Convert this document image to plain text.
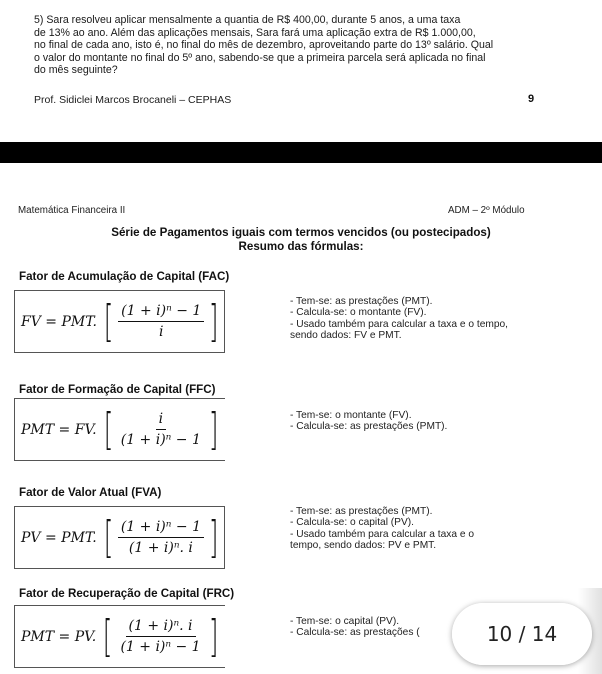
5) Sara resolveu aplicar mensalmente a quantia de R$ 400,00, durante 5 anos, a uma taxa
de 13% ao ano. Além das aplicações mensais, Sara fará uma aplicação extra de R$ 1.000,00,
no final de cada ano, isto é, no final do mês de dezembro, aproveitando parte do 13º salário. Qual
o valor do montante no final do 5º ano, sabendo-se que a primeira parcela será aplicada no final
do mês seguinte?
Prof. Sidiclei Marcos Brocaneli – CEPHAS	9
Matemática Financeira II	ADM – 2º Módulo
Série de Pagamentos iguais com termos vencidos (ou postecipados)
Resumo das fórmulas:
Fator de Acumulação de Capital (FAC)
FV = PMT. [ $\frac{\text{(1 + i)ⁿ − 1}}{i}$ ]	- Tem-se: as prestações (PMT).
- Calcula-se: o montante (FV).
- Usado também para calcular a taxa e o tempo,
sendo dados: FV e PMT.
Fator de Formação de Capital (FFC)
PMT = FV. [ $\frac{i}{\text{(1 + i)ⁿ − 1}}$ ]	- Tem-se: o montante (FV).
- Calcula-se: as prestações (PMT).
Fator de Valor Atual (FVA)
PV = PMT. [ $\frac{\text{(1 + i)ⁿ − 1}}{\text{(1 + i)ⁿ. i}}$ ]	- Tem-se: as prestações (PMT).
- Calcula-se: o capital (PV).
- Usado também para calcular a taxa e o
tempo, sendo dados: PV e PMT.
Fator de Recuperação de Capital (FRC)
PMT = PV. [ $\frac{\text{(1 + i)ⁿ. i}}{\text{(1 + i)ⁿ − 1}}$ ]	- Tem-se: o capital (PV).
- Calcula-se: as prestações (	10 / 14
